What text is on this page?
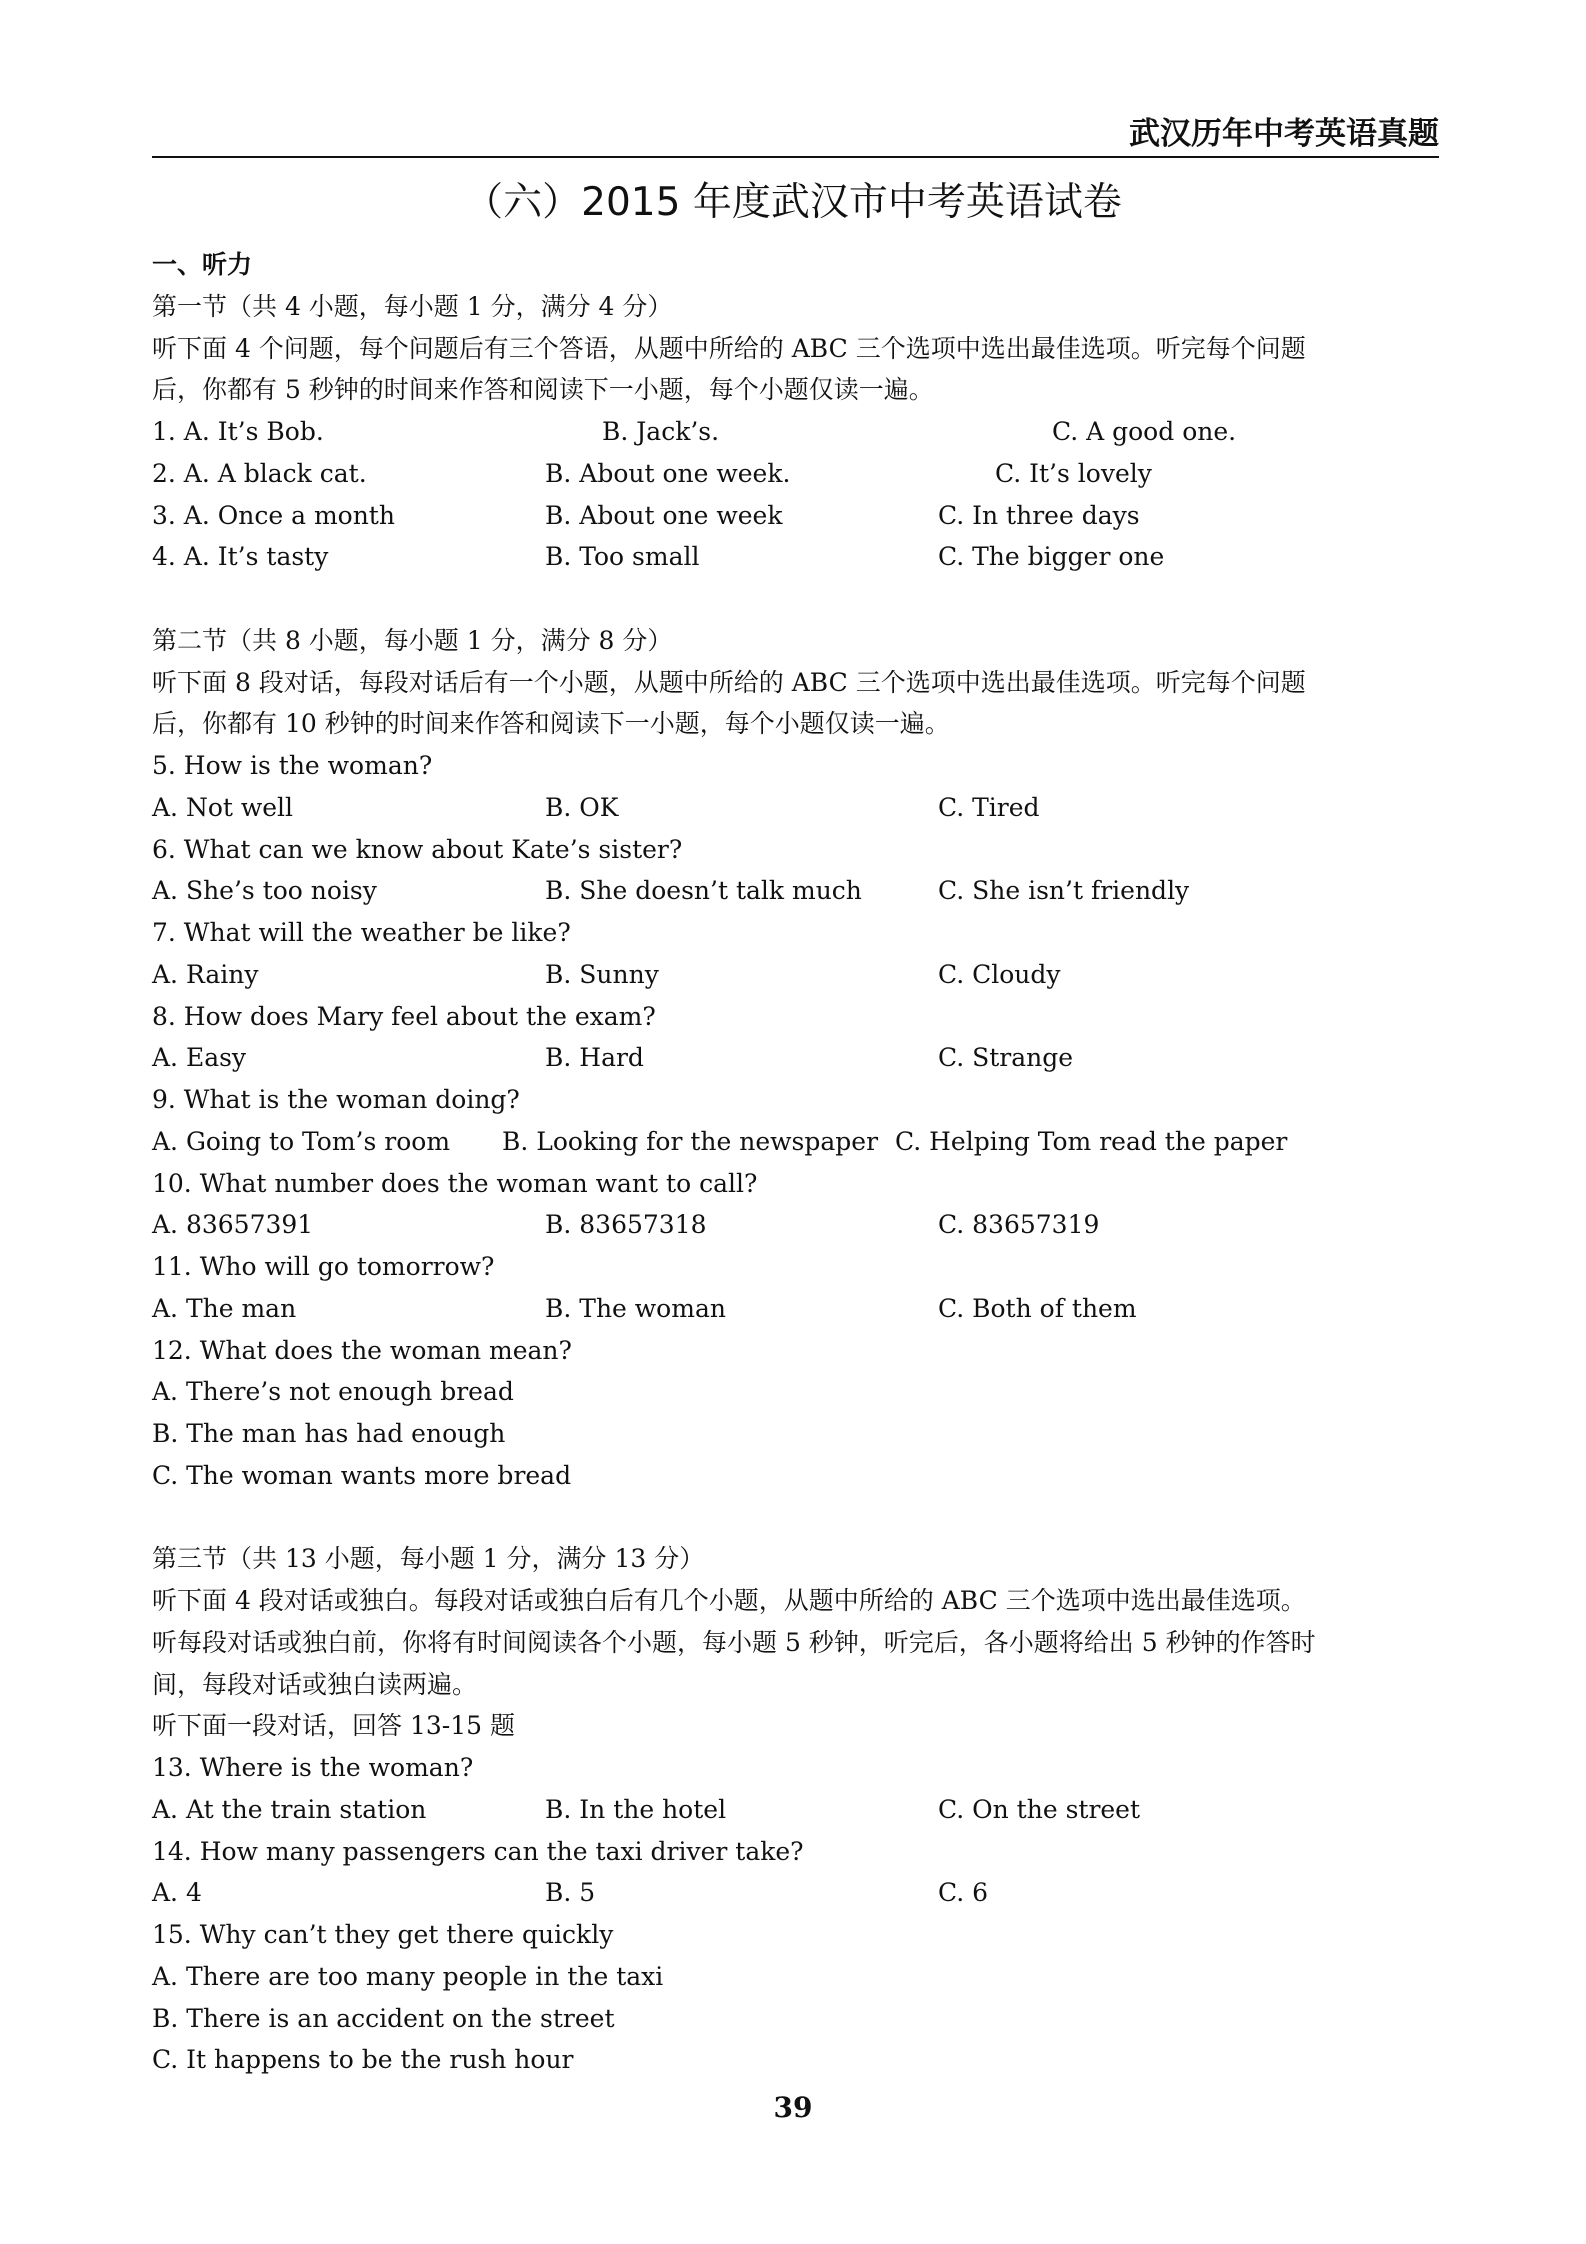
武汉历年中考英语真题
（六）2015 年度武汉市中考英语试卷
一、听力
第一节（共 4 小题，每小题 1 分，满分 4 分）
听下面 4 个问题，每个问题后有三个答语，从题中所给的 ABC 三个选项中选出最佳选项。听完每个问题
后，你都有 5 秒钟的时间来作答和阅读下一小题，每个小题仅读一遍。
1. A. It’s Bob.	B. Jack’s.	C. A good one.
2. A. A black cat.	B. About one week.	C. It’s lovely
3. A. Once a month	B. About one week	C. In three days
4. A. It’s tasty	B. Too small	C. The bigger one
第二节（共 8 小题，每小题 1 分，满分 8 分）
听下面 8 段对话，每段对话后有一个小题，从题中所给的 ABC 三个选项中选出最佳选项。听完每个问题
后，你都有 10 秒钟的时间来作答和阅读下一小题，每个小题仅读一遍。
5. How is the woman?
A. Not well	B. OK	C. Tired
6. What can we know about Kate’s sister?
A. She’s too noisy	B. She doesn’t talk much	C. She isn’t friendly
7. What will the weather be like?
A. Rainy	B. Sunny	C. Cloudy
8. How does Mary feel about the exam?
A. Easy	B. Hard	C. Strange
9. What is the woman doing?
A. Going to Tom’s room	B. Looking for the newspaper C. Helping Tom read the paper
10. What number does the woman want to call?
A. 83657391	B. 83657318	C. 83657319
11. Who will go tomorrow?
A. The man	B. The woman	C. Both of them
12. What does the woman mean?
A. There’s not enough bread
B. The man has had enough
C. The woman wants more bread
第三节（共 13 小题，每小题 1 分，满分 13 分）
听下面 4 段对话或独白。每段对话或独白后有几个小题，从题中所给的 ABC 三个选项中选出最佳选项。
听每段对话或独白前，你将有时间阅读各个小题，每小题 5 秒钟，听完后，各小题将给出 5 秒钟的作答时
间，每段对话或独白读两遍。
听下面一段对话，回答 13-15 题
13. Where is the woman?
A. At the train station	B. In the hotel	C. On the street
14. How many passengers can the taxi driver take?
A. 4	B. 5	C. 6
15. Why can’t they get there quickly
A. There are too many people in the taxi
B. There is an accident on the street
C. It happens to be the rush hour
39
